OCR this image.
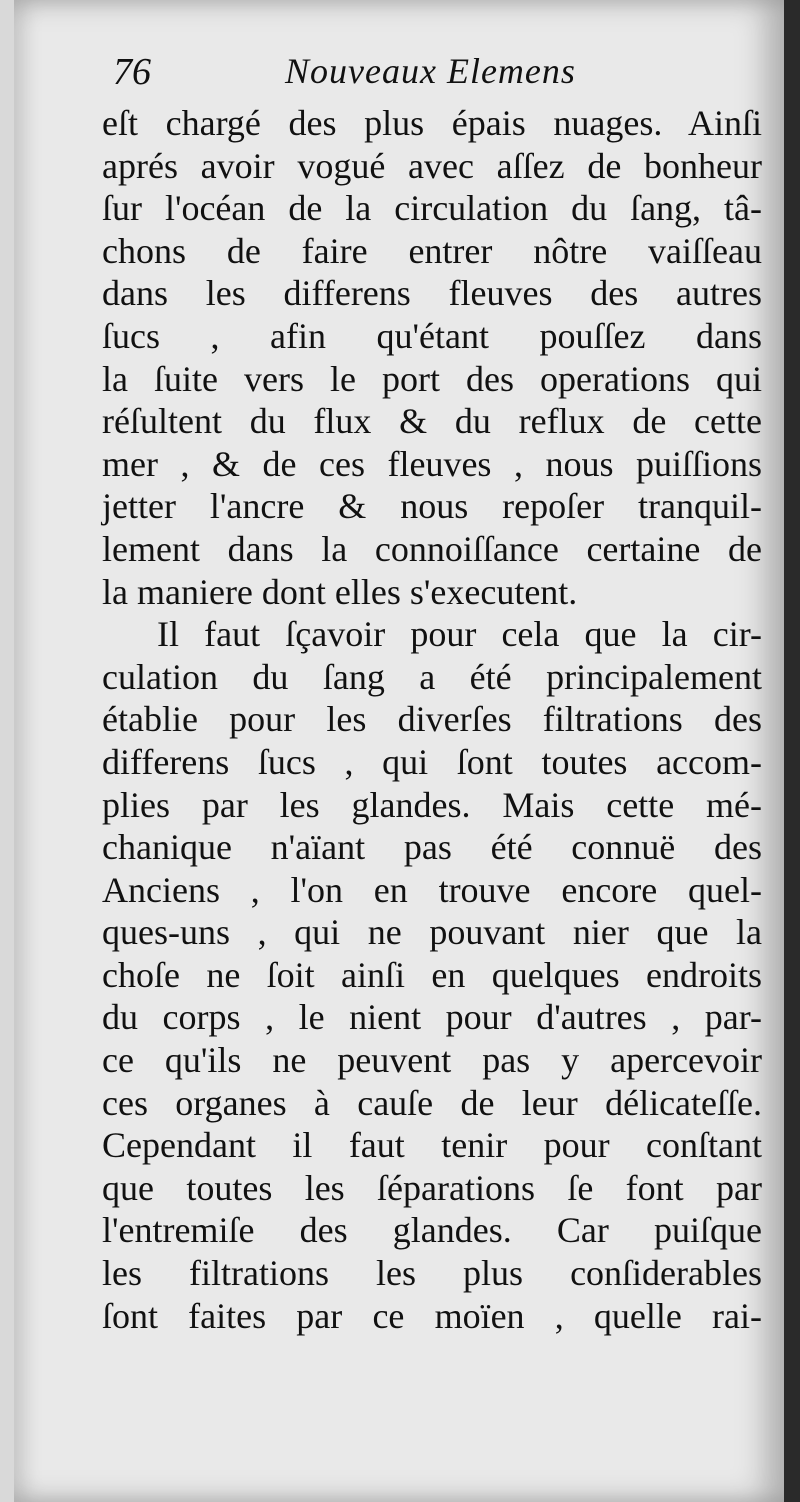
76	Nouveaux Elemens
eſt chargé des plus épais nuages. Ainſi
aprés avoir vogué avec aſſez de bonheur
ſur l'océan de la circulation du ſang, tâ-
chons de faire entrer nôtre vaiſſeau
dans les differens fleuves des autres
ſucs , afin qu'étant pouſſez dans
la ſuite vers le port des operations qui
réſultent du flux & du reflux de cette
mer , & de ces fleuves , nous puiſſions
jetter l'ancre & nous repoſer tranquil-
lement dans la connoiſſance certaine de
la maniere dont elles s'executent.
Il faut ſçavoir pour cela que la cir-
culation du ſang a été principalement
établie pour les diverſes filtrations des
differens ſucs , qui ſont toutes accom-
plies par les glandes. Mais cette mé-
chanique n'aïant pas été connuë des
Anciens , l'on en trouve encore quel-
ques-uns , qui ne pouvant nier que la
choſe ne ſoit ainſi en quelques endroits
du corps , le nient pour d'autres , par-
ce qu'ils ne peuvent pas y apercevoir
ces organes à cauſe de leur délicateſſe.
Cependant il faut tenir pour conſtant
que toutes les ſéparations ſe font par
l'entremiſe des glandes. Car puiſque
les filtrations les plus conſiderables
ſont faites par ce moïen , quelle rai-
